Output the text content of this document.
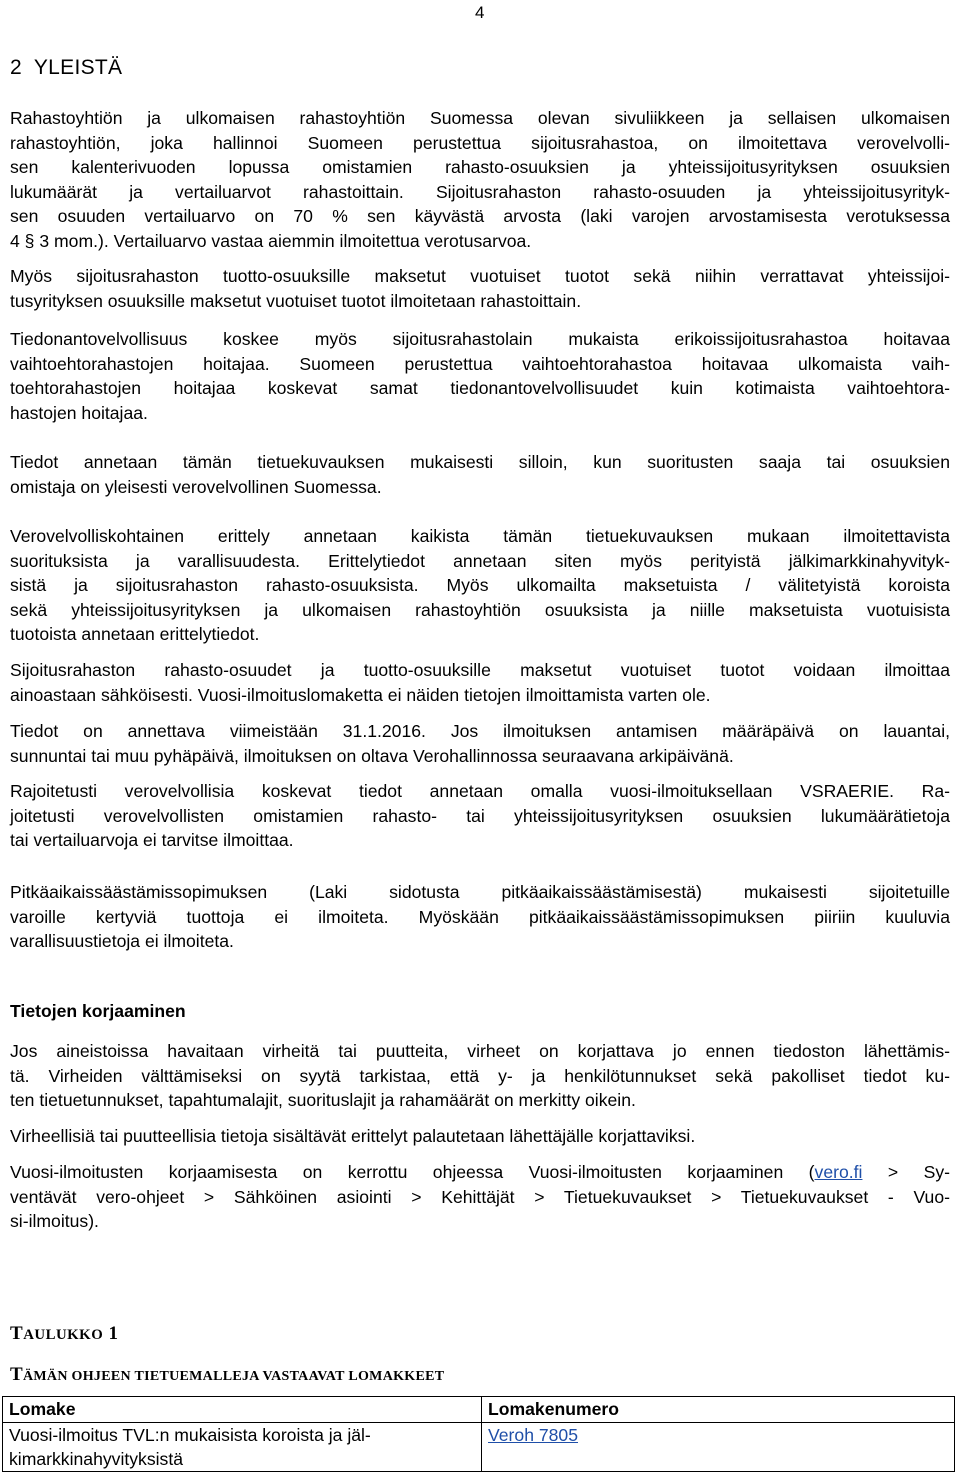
4
2  YLEISTÄ
Rahastoyhtiön ja ulkomaisen rahastoyhtiön Suomessa olevan sivuliikkeen ja sellaisen ulkomaisen
rahastoyhtiön, joka hallinnoi Suomeen perustettua sijoitusrahastoa, on ilmoitettava verovelvolli-
sen kalenterivuoden lopussa omistamien rahasto-osuuksien ja yhteissijoitusyrityksen osuuksien
lukumäärät ja vertailuarvot rahastoittain. Sijoitusrahaston rahasto-osuuden ja yhteissijoitusyrityk-
sen osuuden vertailuarvo on 70 % sen käyvästä arvosta (laki varojen arvostamisesta verotuksessa
4 § 3 mom.). Vertailuarvo vastaa aiemmin ilmoitettua verotusarvoa.
Myös sijoitusrahaston tuotto-osuuksille maksetut vuotuiset tuotot sekä niihin verrattavat yhteissijoi-
tusyrityksen osuuksille maksetut vuotuiset tuotot ilmoitetaan rahastoittain.
Tiedonantovelvollisuus koskee myös sijoitusrahastolain mukaista erikoissijoitusrahastoa hoitavaa
vaihtoehtorahastojen hoitajaa. Suomeen perustettua vaihtoehtorahastoa hoitavaa ulkomaista vaih-
toehtorahastojen hoitajaa koskevat samat tiedonantovelvollisuudet kuin kotimaista vaihtoehtora-
hastojen hoitajaa.
Tiedot annetaan tämän tietuekuvauksen mukaisesti silloin, kun suoritusten saaja tai osuuksien
omistaja on yleisesti verovelvollinen Suomessa.
Verovelvolliskohtainen erittely annetaan kaikista tämän tietuekuvauksen mukaan ilmoitettavista
suorituksista ja varallisuudesta. Erittelytiedot annetaan siten myös perityistä jälkimarkkinahyvityk-
sistä ja sijoitusrahaston rahasto-osuuksista. Myös ulkomailta maksetuista / välitetyistä koroista
sekä yhteissijoitusyrityksen ja ulkomaisen rahastoyhtiön osuuksista ja niille maksetuista vuotuisista
tuotoista annetaan erittelytiedot.
Sijoitusrahaston rahasto-osuudet ja tuotto-osuuksille maksetut vuotuiset tuotot voidaan ilmoittaa
ainoastaan sähköisesti. Vuosi-ilmoituslomaketta ei näiden tietojen ilmoittamista varten ole.
Tiedot on annettava viimeistään 31.1.2016. Jos ilmoituksen antamisen määräpäivä on lauantai,
sunnuntai tai muu pyhäpäivä, ilmoituksen on oltava Verohallinnossa seuraavana arkipäivänä.
Rajoitetusti verovelvollisia koskevat tiedot annetaan omalla vuosi-ilmoituksellaan VSRAERIE. Ra-
joitetusti verovelvollisten omistamien rahasto- tai yhteissijoitusyrityksen osuuksien lukumäärätietoja
tai vertailuarvoja ei tarvitse ilmoittaa.
Pitkäaikaissäästämissopimuksen (Laki sidotusta pitkäaikaissäästämisestä) mukaisesti sijoitetuille
varoille kertyviä tuottoja ei ilmoiteta. Myöskään pitkäaikaissäästämissopimuksen piiriin kuuluvia
varallisuustietoja ei ilmoiteta.
Tietojen korjaaminen
Jos aineistoissa havaitaan virheitä tai puutteita, virheet on korjattava jo ennen tiedoston lähettämis-
tä. Virheiden välttämiseksi on syytä tarkistaa, että y- ja henkilötunnukset sekä pakolliset tiedot ku-
ten tietuetunnukset, tapahtumalajit, suorituslajit ja rahamäärät on merkitty oikein.
Virheellisiä tai puutteellisia tietoja sisältävät erittelyt palautetaan lähettäjälle korjattaviksi.
Vuosi-ilmoitusten korjaamisesta on kerrottu ohjeessa Vuosi-ilmoitusten korjaaminen (vero.fi > Sy-
ventävät vero-ohjeet > Sähköinen asiointi > Kehittäjät > Tietuekuvaukset > Tietuekuvaukset - Vuo-
si-ilmoitus).
TAULUKKO 1
TÄMÄN OHJEEN TIETUEMALLEJA VASTAAVAT LOMAKKEET
Lomake	Lomakenumero
Vuosi-ilmoitus TVL:n mukaisista koroista ja jäl-
kimarkkinahyvityksistä	Veroh 7805
